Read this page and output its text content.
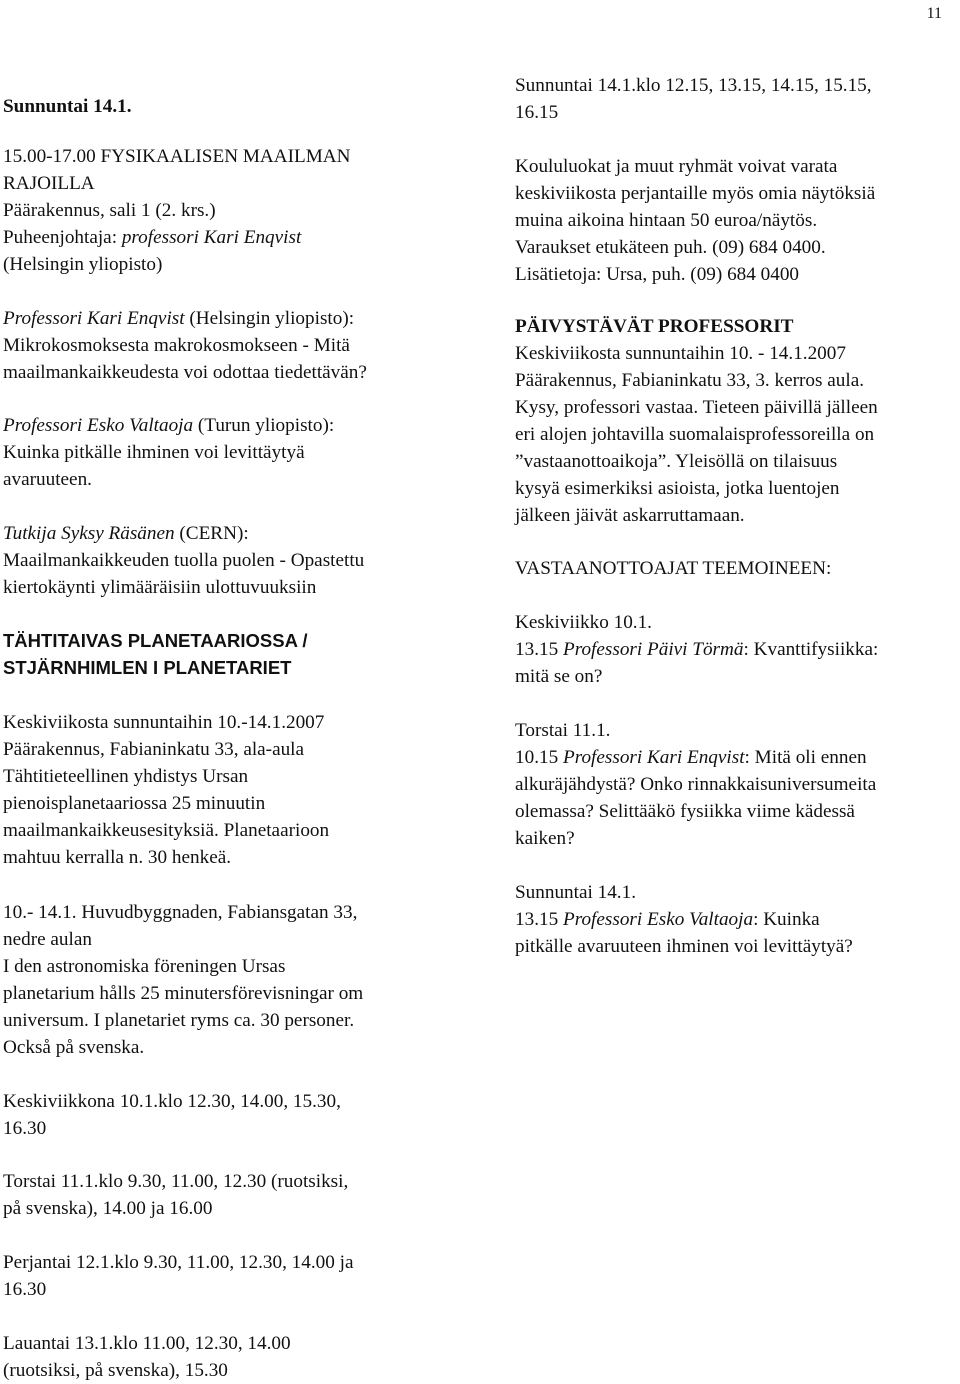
11
Sunnuntai 14.1.
15.00-17.00 FYSIKAALISEN MAAILMAN
RAJOILLA
Päärakennus, sali 1 (2. krs.)
Puheenjohtaja: professori Kari Enqvist
(Helsingin yliopisto)
Professori Kari Enqvist (Helsingin yliopisto):
Mikrokosmoksesta makrokosmokseen - Mitä
maailmankaikkeudesta voi odottaa tiedettävän?
Professori Esko Valtaoja (Turun yliopisto):
Kuinka pitkälle ihminen voi levittäytyä
avaruuteen.
Tutkija Syksy Räsänen (CERN):
Maailmankaikkeuden tuolla puolen - Opastettu
kiertokäynti ylimääräisiin ulottuvuuksiin
TÄHTITAIVAS PLANETAARIOSSA /
STJÄRNHIMLEN I PLANETARIET
Keskiviikosta sunnuntaihin 10.-14.1.2007
Päärakennus, Fabianinkatu 33, ala-aula
Tähtitieteellinen yhdistys Ursan
pienoisplanetaariossa 25 minuutin
maailmankaikkeusesityksiä. Planetaarioon
mahtuu kerralla n. 30 henkeä.
10.- 14.1. Huvudbyggnaden, Fabiansgatan 33,
nedre aulan
I den astronomiska föreningen Ursas
planetarium hålls 25 minutersförevisningar om
universum. I planetariet ryms ca. 30 personer.
Också på svenska.
Keskiviikkona 10.1.klo 12.30, 14.00, 15.30,
16.30
Torstai 11.1.klo 9.30, 11.00, 12.30 (ruotsiksi,
på svenska), 14.00 ja 16.00
Perjantai 12.1.klo 9.30, 11.00, 12.30, 14.00 ja
16.30
Lauantai 13.1.klo 11.00, 12.30, 14.00
(ruotsiksi, på svenska), 15.30
Sunnuntai 14.1.klo 12.15, 13.15, 14.15, 15.15,
16.15
Koululuokat ja muut ryhmät voivat varata
keskiviikosta perjantaille myös omia näytöksiä
muina aikoina hintaan 50 euroa/näytös.
Varaukset etukäteen puh. (09) 684 0400.
Lisätietoja: Ursa, puh. (09) 684 0400
PÄIVYSTÄVÄT PROFESSORIT
Keskiviikosta sunnuntaihin 10. - 14.1.2007
Päärakennus, Fabianinkatu 33, 3. kerros aula.
Kysy, professori vastaa. Tieteen päivillä jälleen
eri alojen johtavilla suomalaisprofessoreilla on
”vastaanottoaikoja”. Yleisöllä on tilaisuus
kysyä esimerkiksi asioista, jotka luentojen
jälkeen jäivät askarruttamaan.
VASTAANOTTOAJAT TEEMOINEEN:
Keskiviikko 10.1.
13.15 Professori Päivi Törmä: Kvanttifysiikka:
mitä se on?
Torstai 11.1.
10.15 Professori Kari Enqvist: Mitä oli ennen
alkuräjähdystä? Onko rinnakkaisuniversumeita
olemassa? Selittääkö fysiikka viime kädessä
kaiken?
Sunnuntai 14.1.
13.15 Professori Esko Valtaoja: Kuinka
pitkälle avaruuteen ihminen voi levittäytyä?
